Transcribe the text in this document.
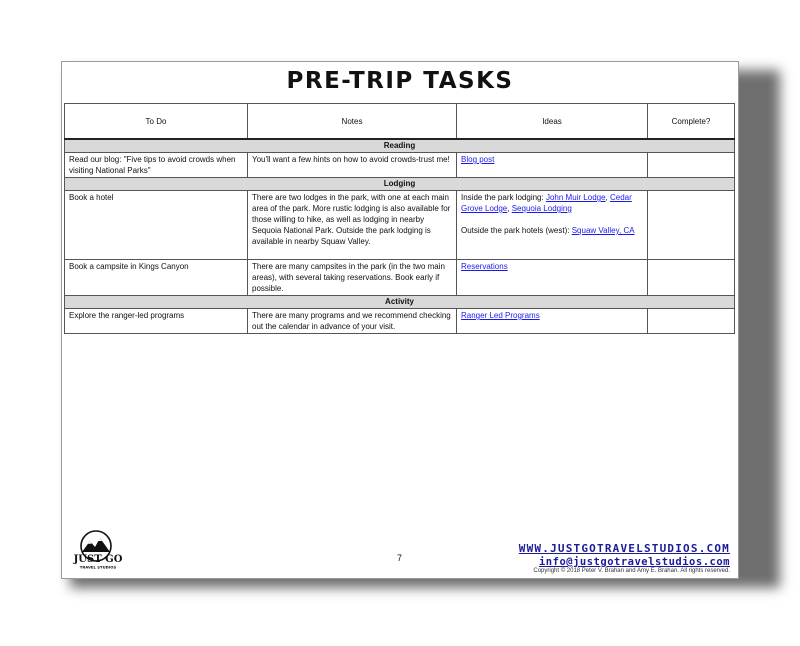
PRE-TRIP TASKS
To Do	Notes	Ideas	Complete?
Reading			
Read our blog: "Five tips to avoid crowds when visiting National Parks"	You'll want a few hints on how to avoid crowds-trust me!	Blog post	
Lodging			
Book a hotel	There are two lodges in the park, with one at each main area of the park. More rustic lodging is also available for those willing to hike, as well as lodging in nearby Sequoia National Park. Outside the park lodging is available in nearby Squaw Valley.	Inside the park lodging: John Muir Lodge, Cedar Grove Lodge, Sequoia Lodging
Outside the park hotels (west): Squaw Valley, CA	

Book a campsite in Kings Canyon	There are many campsites in the park (in the two main areas), with several taking reservations. Book early if possible.	Reservations	
Activity			
Explore the ranger-led programs	There are many programs and we recommend checking out the calendar in advance of your visit.	Ranger Led Programs	
JUST GO
TRAVEL STUDIOS
7
WWW.JUSTGOTRAVELSTUDIOS.COM
info@justgotravelstudios.com
Copyright © 2018 Peter V. Brahan and Amy E. Brahan. All rights reserved.
